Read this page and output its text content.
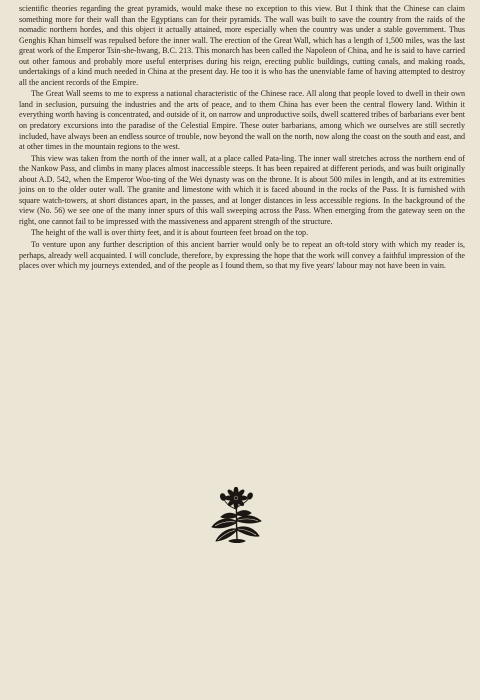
scientific theories regarding the great pyramids, would make these no exception to this view. But I think that the Chinese can claim something more for their wall than the Egyptians can for their pyramids. The wall was built to save the country from the raids of the nomadic northern hordes, and this object it actually attained, more especially when the country was under a stable government. Thus Genghis Khan himself was repulsed before the inner wall. The erection of the Great Wall, which has a length of 1,500 miles, was the last great work of the Emperor Tsin-she-hwang, B.C. 213. This monarch has been called the Napoleon of China, and he is said to have carried out other famous and probably more useful enterprises during his reign, erecting public buildings, cutting canals, and making roads, undertakings of a kind much needed in China at the present day. He too it is who has the unenviable fame of having attempted to destroy all the ancient records of the Empire.

The Great Wall seems to me to express a national characteristic of the Chinese race. All along that people loved to dwell in their own land in seclusion, pursuing the industries and the arts of peace, and to them China has ever been the central flowery land. Within it everything worth having is concentrated, and outside of it, on narrow and unproductive soils, dwell scattered tribes of barbarians ever bent on predatory excursions into the paradise of the Celestial Empire. These outer barbarians, among which we ourselves are still secretly included, have always been an endless source of trouble, now beyond the wall on the north, now along the coast on the south and east, and at other times in the mountain regions to the west.

This view was taken from the north of the inner wall, at a place called Pata-ling. The inner wall stretches across the northern end of the Nankow Pass, and climbs in many places almost inaccessible steeps. It has been repaired at different periods, and was built originally about A.D. 542, when the Emperor Woo-ting of the Wei dynasty was on the throne. It is about 500 miles in length, and at its extremities joins on to the older outer wall. The granite and limestone with which it is faced abound in the rocks of the Pass. It is furnished with square watch-towers, at short distances apart, in the passes, and at longer distances in less accessible regions. In the background of the view (No. 56) we see one of the many inner spurs of this wall sweeping across the Pass. When emerging from the gateway seen on the right, one cannot fail to be impressed with the massiveness and apparent strength of the structure.

The height of the wall is over thirty feet, and it is about fourteen feet broad on the top.

To venture upon any further description of this ancient barrier would only be to repeat an oft-told story with which my reader is, perhaps, already well acquainted. I will conclude, therefore, by expressing the hope that the work will convey a faithful impression of the places over which my journeys extended, and of the people as I found them, so that my five years' labour may not have been in vain.
